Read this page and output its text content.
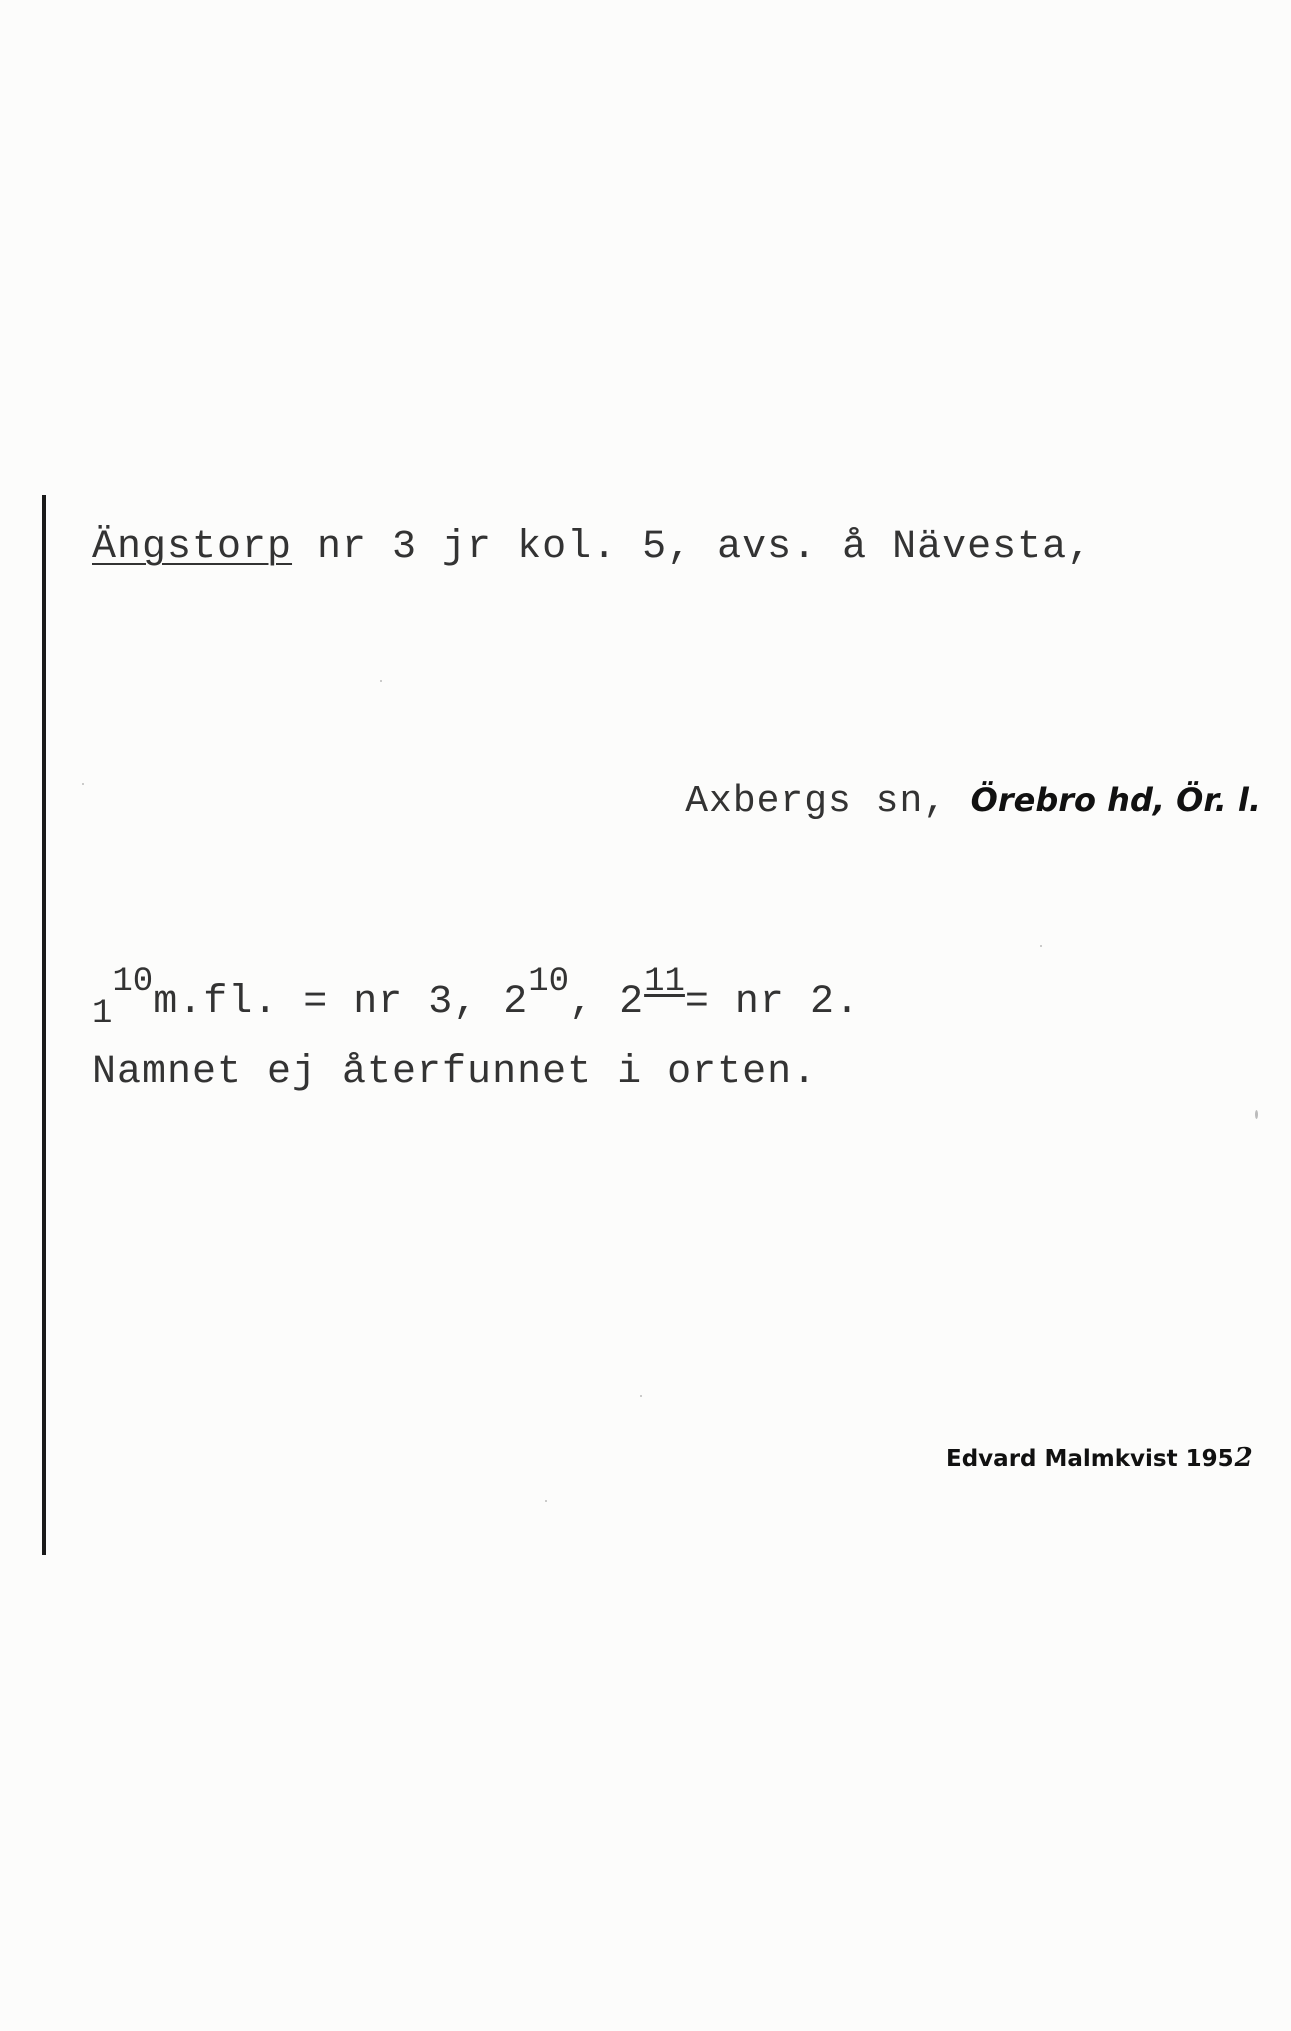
Ängstorp nr 3 jr kol. 5, avs. å Nävesta,
Axbergs sn, Örebro hd, Ör. l.
$_1^{10}$m.fl. = nr 3, $2^{10}$, $2^{11}=$ nr 2.
Namnet ej återfunnet i orten.
Edvard Malmkvist 1952
